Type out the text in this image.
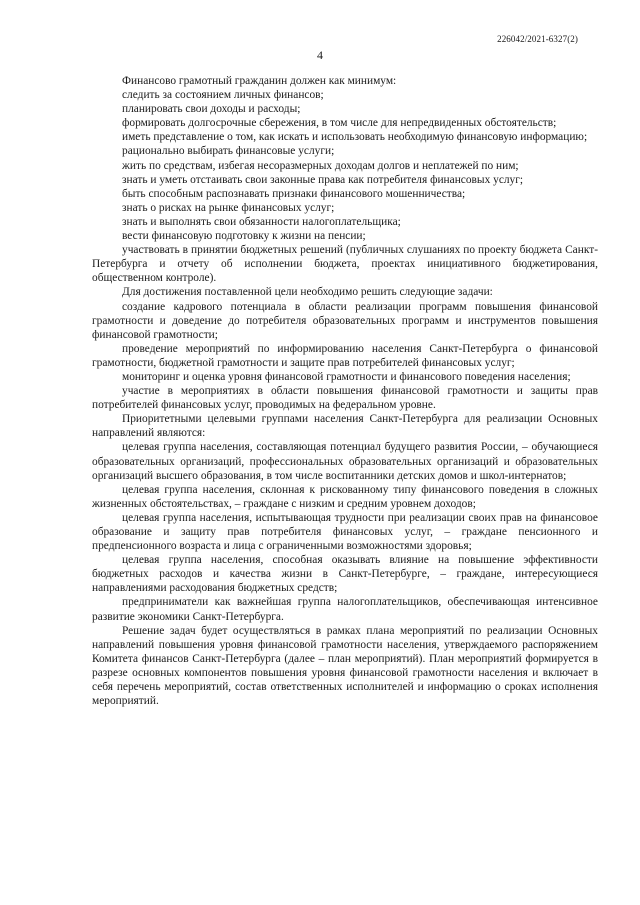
226042/2021-6327(2)
4

Финансово грамотный гражданин должен как минимум:

следить за состоянием личных финансов;

планировать свои доходы и расходы;

формировать долгосрочные сбережения, в том числе для непредвиденных обстоятельств;

иметь представление о том, как искать и использовать необходимую финансовую информацию;

рационально выбирать финансовые услуги;

жить по средствам, избегая несоразмерных доходам долгов и неплатежей по ним;

знать и уметь отстаивать свои законные права как потребителя финансовых услуг;

быть способным распознавать признаки финансового мошенничества;

знать о рисках на рынке финансовых услуг;

знать и выполнять свои обязанности налогоплательщика;

вести финансовую подготовку к жизни на пенсии;

участвовать в принятии бюджетных решений (публичных слушаниях по проекту бюджета Санкт-Петербурга и отчету об исполнении бюджета, проектах инициативного бюджетирования, общественном контроле).

Для достижения поставленной цели необходимо решить следующие задачи:

создание кадрового потенциала в области реализации программ повышения финансовой грамотности и доведение до потребителя образовательных программ и инструментов повышения финансовой грамотности;

проведение мероприятий по информированию населения Санкт-Петербурга о финансовой грамотности, бюджетной грамотности и защите прав потребителей финансовых услуг;

мониторинг и оценка уровня финансовой грамотности и финансового поведения населения;

участие в мероприятиях в области повышения финансовой грамотности и защиты прав потребителей финансовых услуг, проводимых на федеральном уровне.

Приоритетными целевыми группами населения Санкт-Петербурга для реализации Основных направлений являются:

целевая группа населения, составляющая потенциал будущего развития России, – обучающиеся образовательных организаций, профессиональных образовательных организаций и образовательных организаций высшего образования, в том числе воспитанники детских домов и школ-интернатов;

целевая группа населения, склонная к рискованному типу финансового поведения в сложных жизненных обстоятельствах, – граждане с низким и средним уровнем доходов;

целевая группа населения, испытывающая трудности при реализации своих прав на финансовое образование и защиту прав потребителя финансовых услуг, – граждане пенсионного и предпенсионного возраста и лица с ограниченными возможностями здоровья;

целевая группа населения, способная оказывать влияние на повышение эффективности бюджетных расходов и качества жизни в Санкт-Петербурге, – граждане, интересующиеся направлениями расходования бюджетных средств;

предприниматели как важнейшая группа налогоплательщиков, обеспечивающая интенсивное развитие экономики Санкт-Петербурга.

Решение задач будет осуществляться в рамках плана мероприятий по реализации Основных направлений повышения уровня финансовой грамотности населения, утверждаемого распоряжением Комитета финансов Санкт-Петербурга (далее – план мероприятий). План мероприятий формируется в разрезе основных компонентов повышения уровня финансовой грамотности населения и включает в себя перечень мероприятий, состав ответственных исполнителей и информацию о сроках исполнения мероприятий.
